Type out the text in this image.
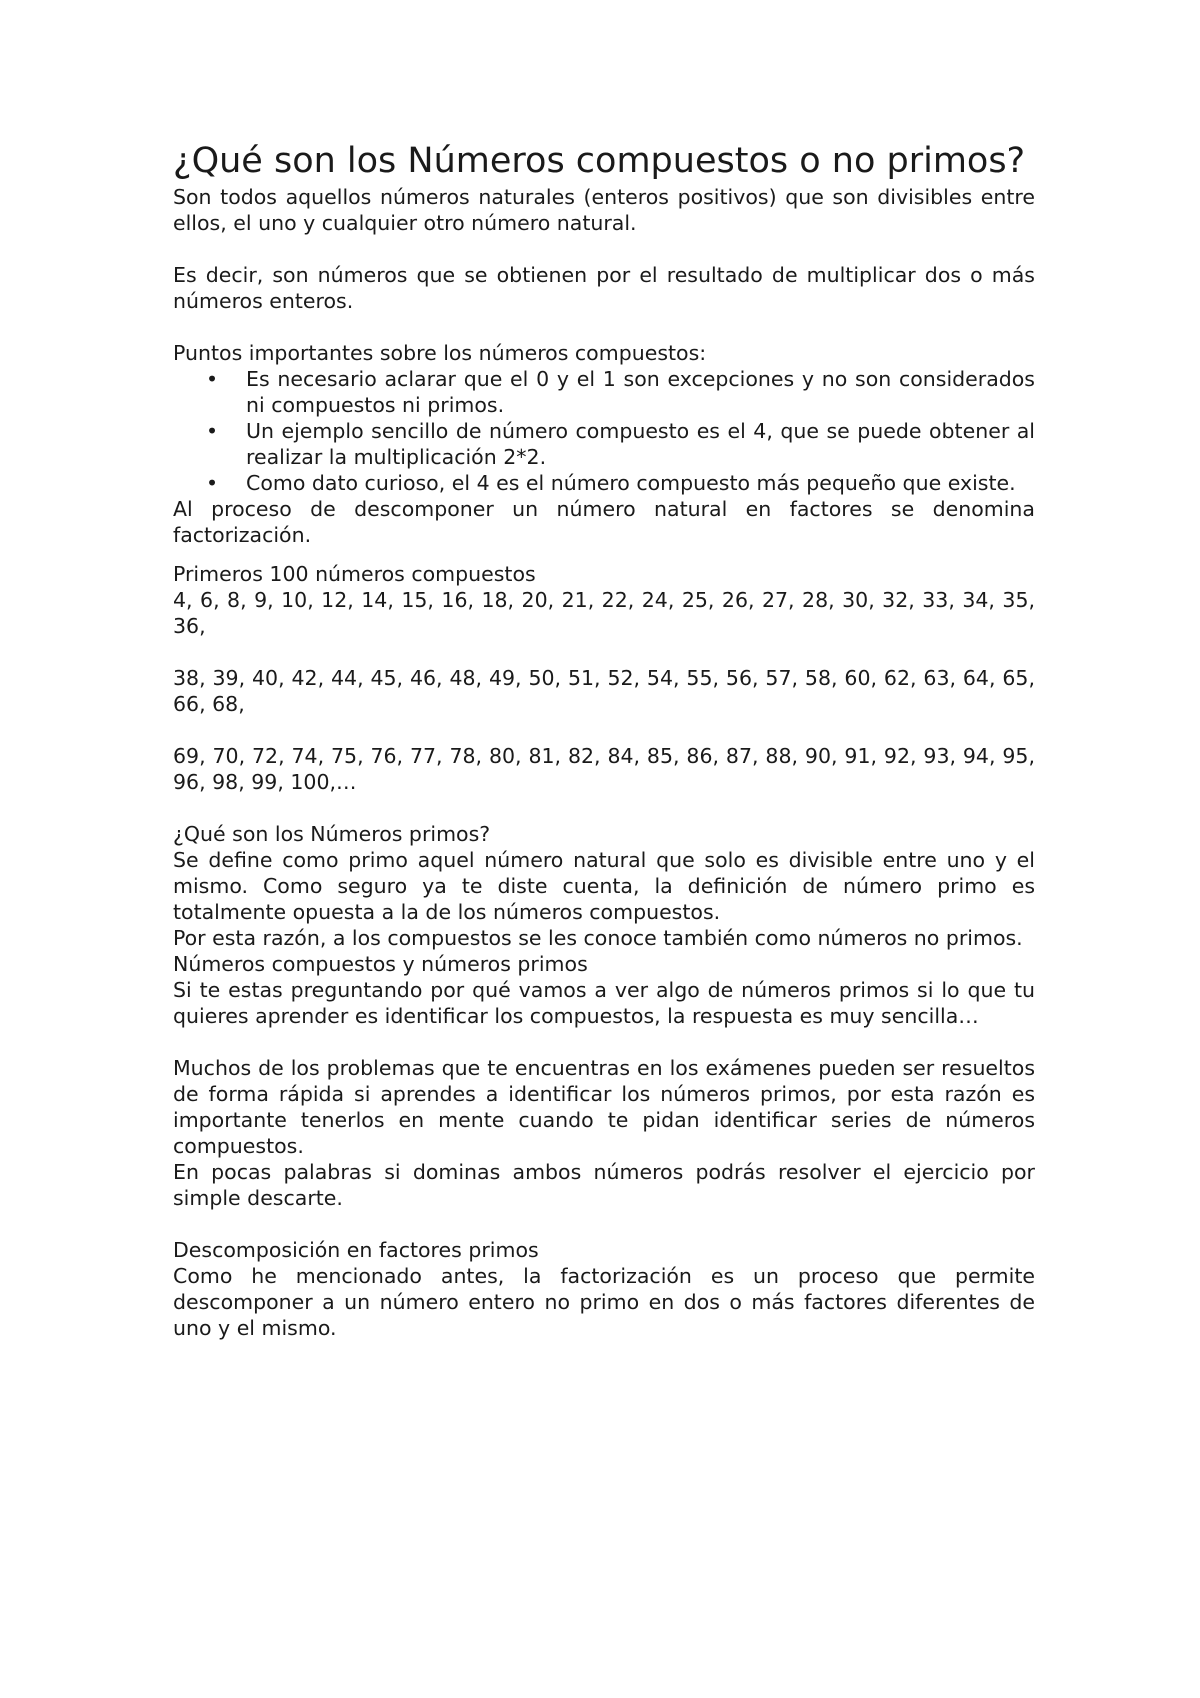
¿Qué son los Números compuestos o no primos?

Son todos aquellos números naturales (enteros positivos) que son divisibles entre ellos, el uno y cualquier otro número natural.

Es decir, son números que se obtienen por el resultado de multiplicar dos o más números enteros.

Puntos importantes sobre los números compuestos:

• Es necesario aclarar que el 0 y el 1 son excepciones y no son considerados ni compuestos ni primos.
• Un ejemplo sencillo de número compuesto es el 4, que se puede obtener al realizar la multiplicación 2*2.
• Como dato curioso, el 4 es el número compuesto más pequeño que existe.

Al proceso de descomponer un número natural en factores se denomina factorización.

Primeros 100 números compuestos

4, 6, 8, 9, 10, 12, 14, 15, 16, 18, 20, 21, 22, 24, 25, 26, 27, 28, 30, 32, 33, 34, 35, 36,

38, 39, 40, 42, 44, 45, 46, 48, 49, 50, 51, 52, 54, 55, 56, 57, 58, 60, 62, 63, 64, 65, 66, 68,

69, 70, 72, 74, 75, 76, 77, 78, 80, 81, 82, 84, 85, 86, 87, 88, 90, 91, 92, 93, 94, 95, 96, 98, 99, 100,…

¿Qué son los Números primos?

Se define como primo aquel número natural que solo es divisible entre uno y el mismo. Como seguro ya te diste cuenta, la definición de número primo es totalmente opuesta a la de los números compuestos.

Por esta razón, a los compuestos se les conoce también como números no primos.

Números compuestos y números primos

Si te estas preguntando por qué vamos a ver algo de números primos si lo que tu quieres aprender es identificar los compuestos, la respuesta es muy sencilla…

Muchos de los problemas que te encuentras en los exámenes pueden ser resueltos de forma rápida si aprendes a identificar los números primos, por esta razón es importante tenerlos en mente cuando te pidan identificar series de números compuestos.

En pocas palabras si dominas ambos números podrás resolver el ejercicio por simple descarte.

Descomposición en factores primos

Como he mencionado antes, la factorización es un proceso que permite descomponer a un número entero no primo en dos o más factores diferentes de uno y el mismo.
